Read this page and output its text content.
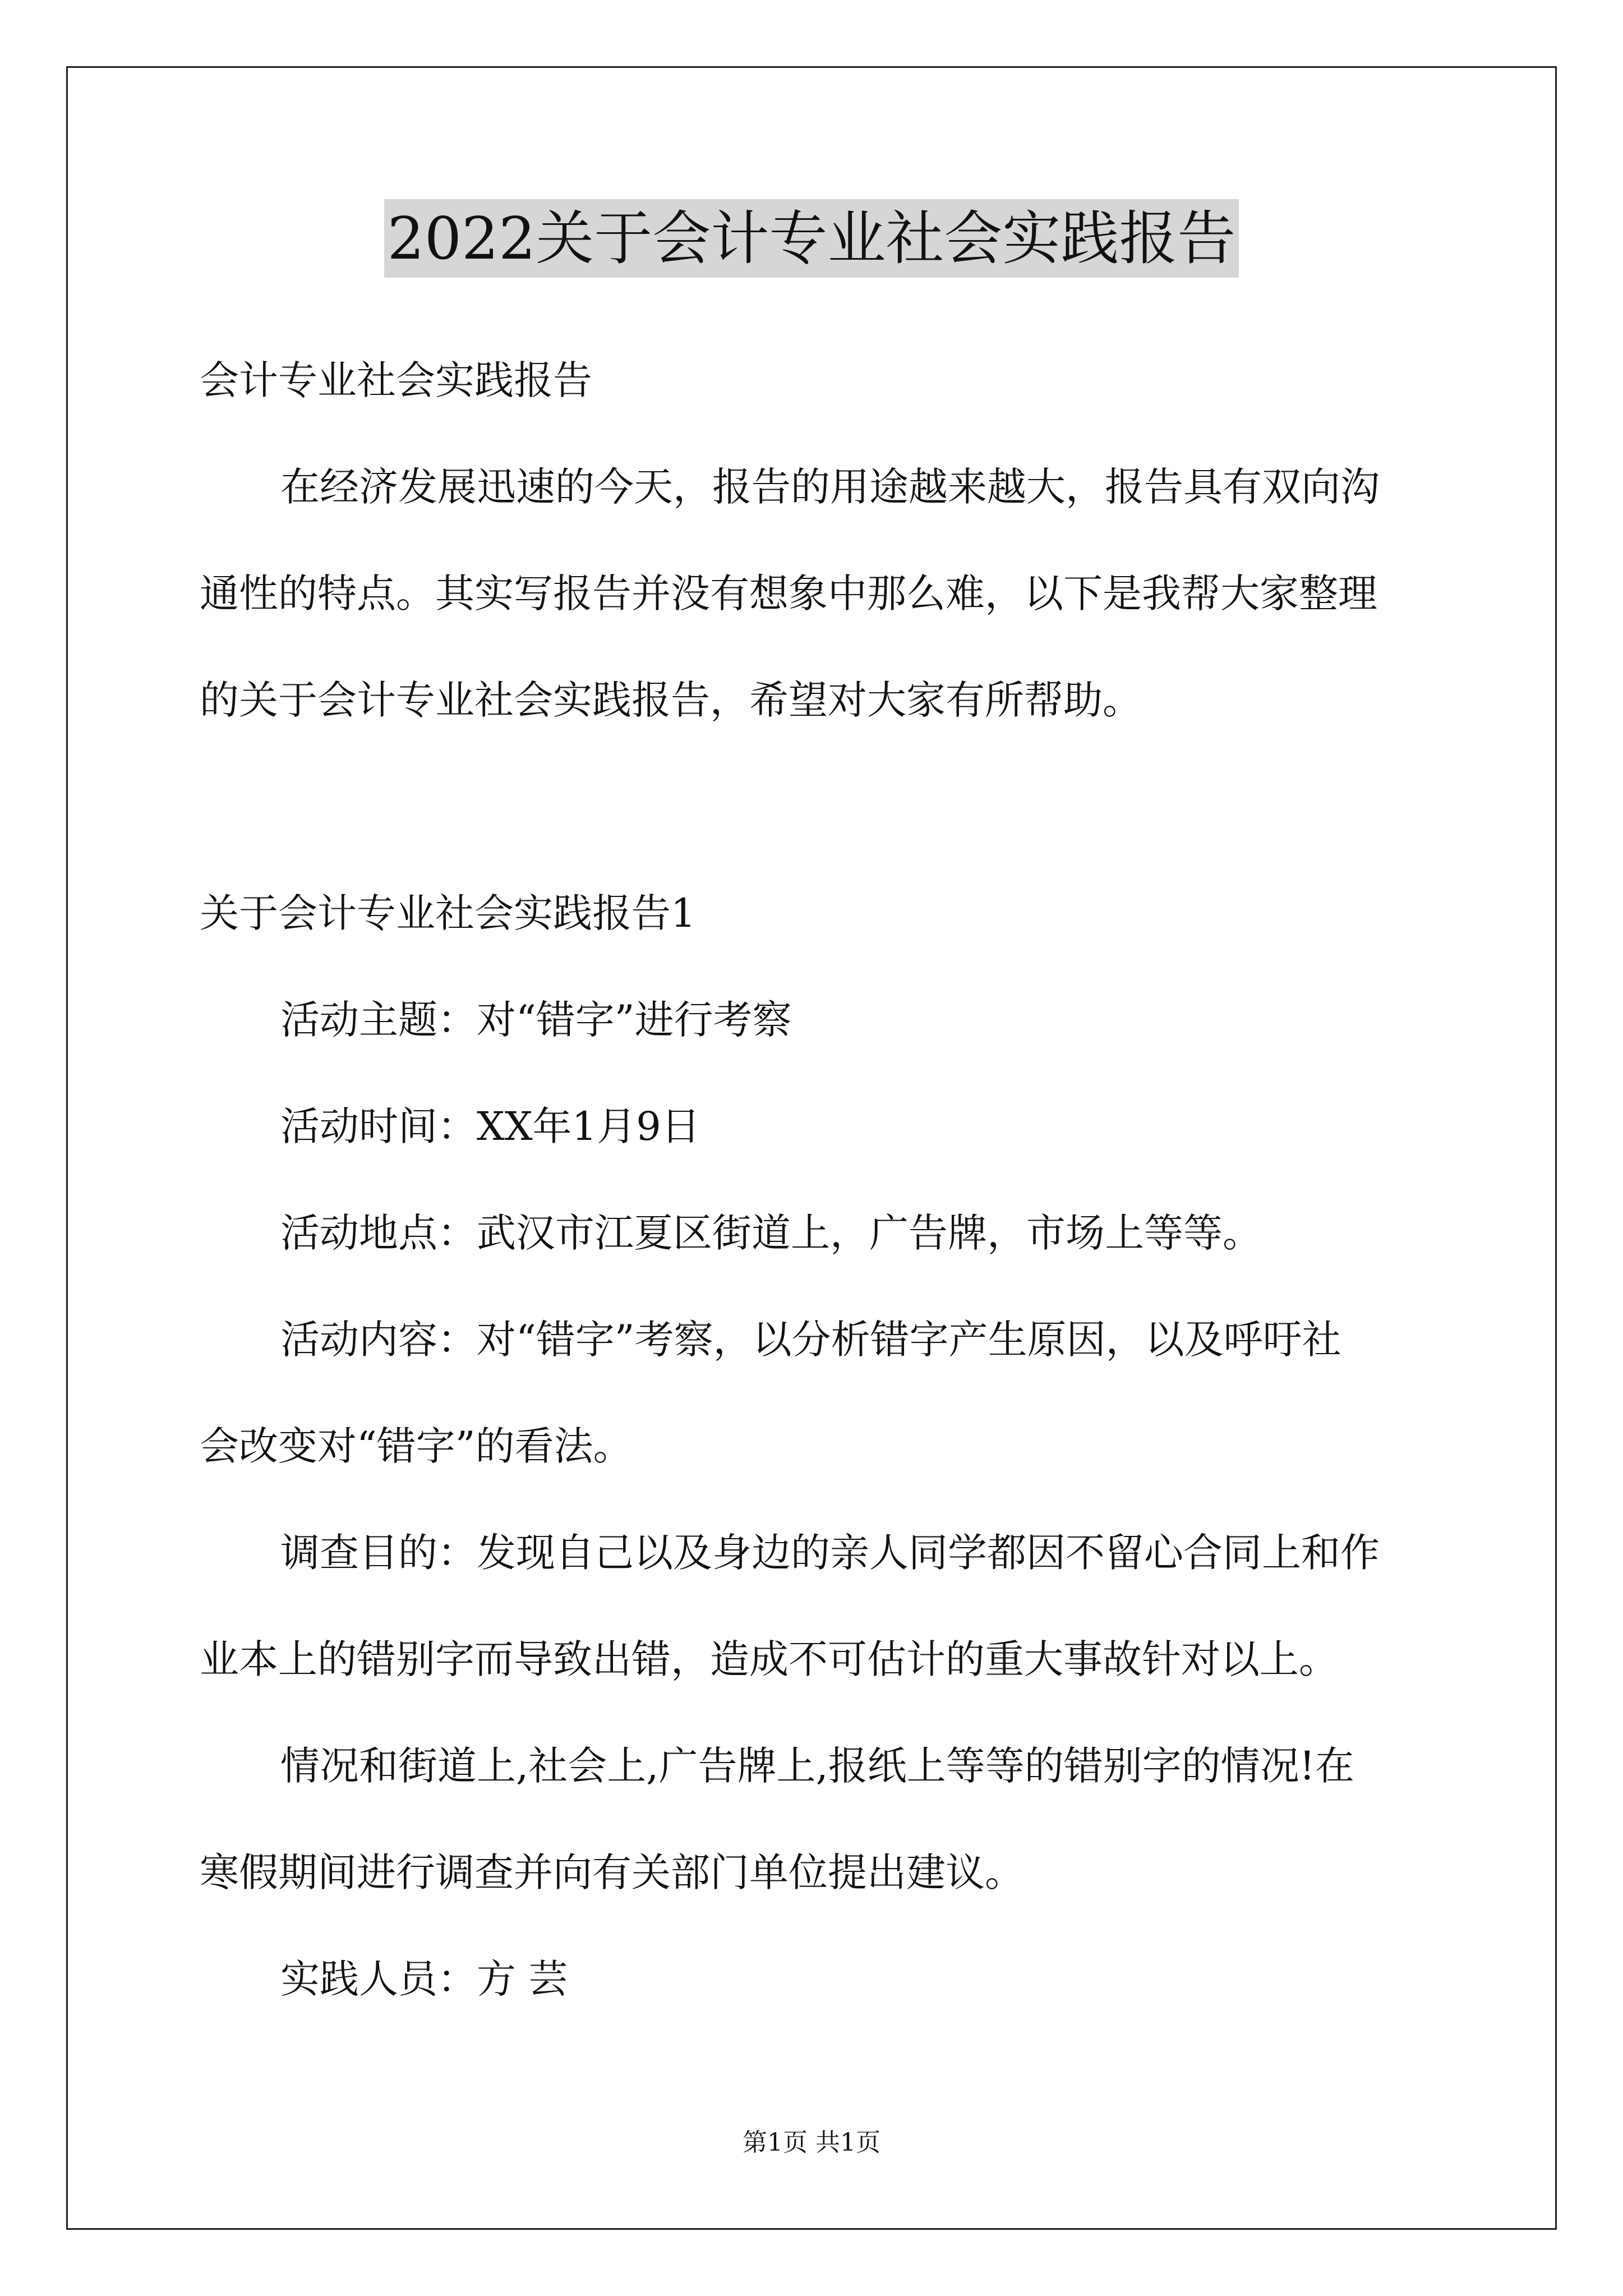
2022关于会计专业社会实践报告
会计专业社会实践报告
在经济发展迅速的今天，报告的用途越来越大，报告具有双向沟
通性的特点。其实写报告并没有想象中那么难，以下是我帮大家整理
的关于会计专业社会实践报告，希望对大家有所帮助。
关于会计专业社会实践报告1
活动主题：对“错字”进行考察
活动时间：XX年1月9日
活动地点：武汉市江夏区街道上，广告牌，市场上等等。
活动内容：对“错字”考察，以分析错字产生原因，以及呼吁社
会改变对“错字”的看法。
调查目的：发现自己以及身边的亲人同学都因不留心合同上和作
业本上的错别字而导致出错，造成不可估计的重大事故针对以上。
情况和街道上,社会上,广告牌上,报纸上等等的错别字的情况!在
寒假期间进行调查并向有关部门单位提出建议。
实践人员：方 芸
第1页 共1页
